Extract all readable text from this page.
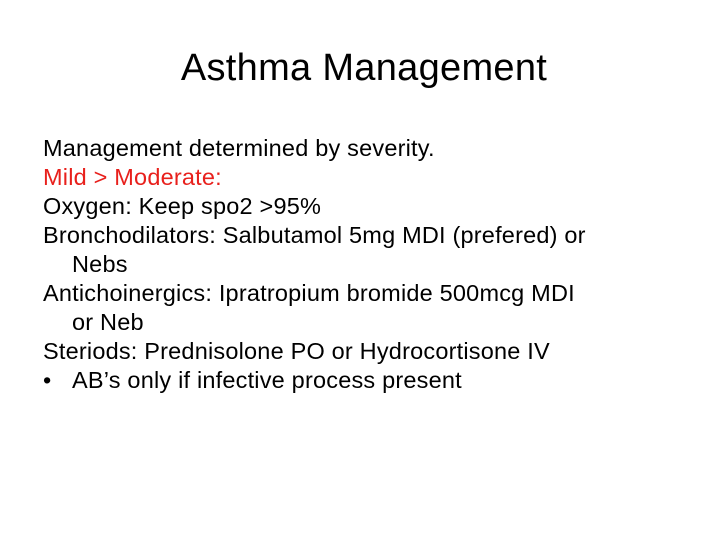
Asthma Management

Management determined by severity.

Mild > Moderate:

Oxygen: Keep spo2 >95%

Bronchodilators: Salbutamol 5mg MDI (prefered) or

Nebs

Antichoinergics: Ipratropium bromide 500mcg MDI

or Neb

Steriods: Prednisolone PO or Hydrocortisone IV

• AB’s only if infective process present
